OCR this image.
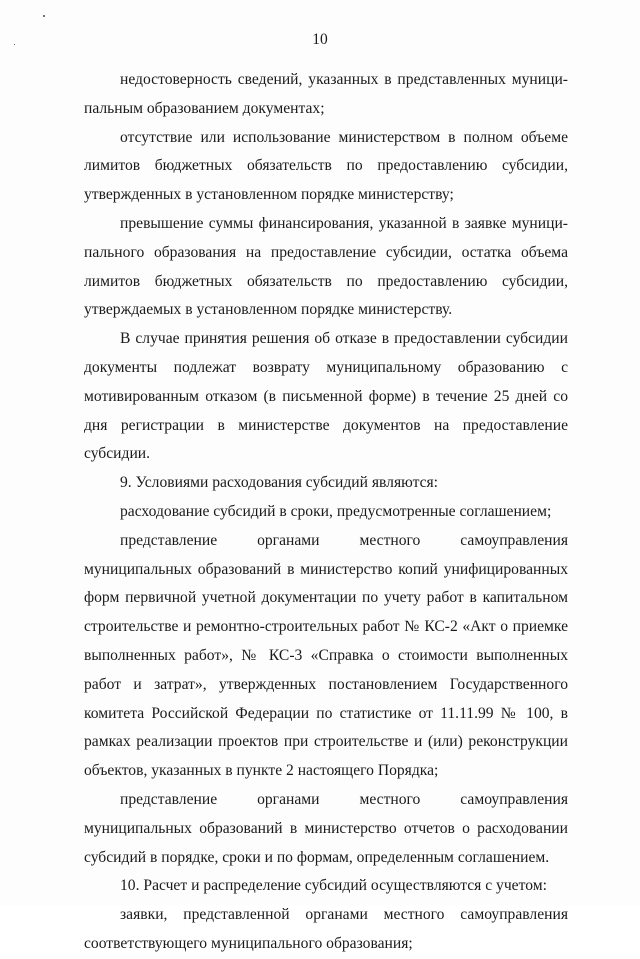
10

недостоверность сведений, указанных в представленных муниципальным образованием документах;

отсутствие или использование министерством в полном объеме лимитов бюджетных обязательств по предоставлению субсидии, утвержденных в установленном порядке министерству;

превышение суммы финансирования, указанной в заявке муниципального образования на предоставление субсидии, остатка объема лимитов бюджетных обязательств по предоставлению субсидии, утверждаемых в установленном порядке министерству.

В случае принятия решения об отказе в предоставлении субсидии документы подлежат возврату муниципальному образованию с мотивированным отказом (в письменной форме) в течение 25 дней со дня регистрации в министерстве документов на предоставление субсидии.

9. Условиями расходования субсидий являются:

расходование субсидий в сроки, предусмотренные соглашением;

представление органами местного самоуправления муниципальных образований в министерство копий унифицированных форм первичной учетной документации по учету работ в капитальном строительстве и ремонтно-строительных работ № КС-2 «Акт о приемке выполненных работ», № КС-3 «Справка о стоимости выполненных работ и затрат», утвержденных постановлением Государственного комитета Российской Федерации по статистике от 11.11.99 № 100, в рамках реализации проектов при строительстве и (или) реконструкции объектов, указанных в пункте 2 настоящего Порядка;

представление органами местного самоуправления муниципальных образований в министерство отчетов о расходовании субсидий в порядке, сроки и по формам, определенным соглашением.

10. Расчет и распределение субсидий осуществляются с учетом:

заявки, представленной органами местного самоуправления соответствующего муниципального образования;
